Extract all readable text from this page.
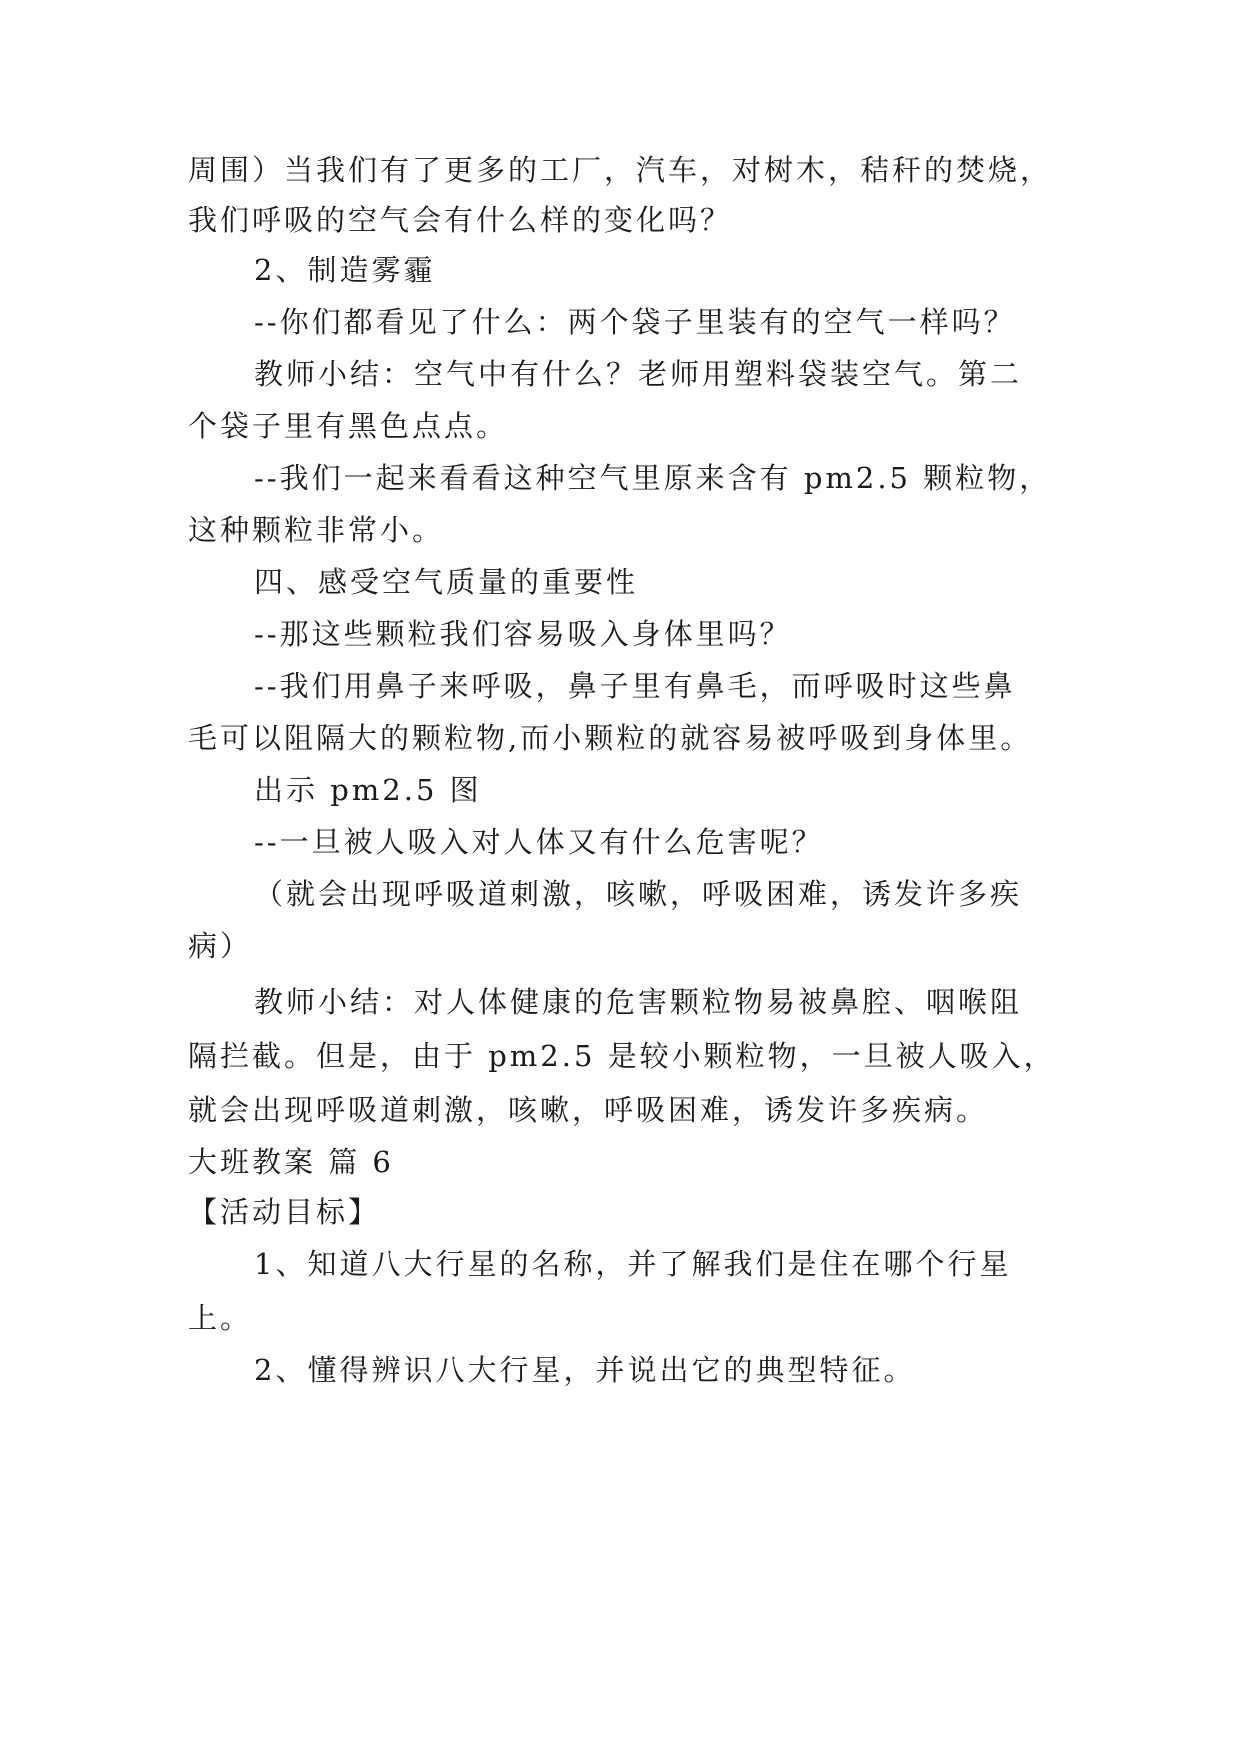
周围）当我们有了更多的工厂，汽车，对树木，秸秆的焚烧，
我们呼吸的空气会有什么样的变化吗？
2、制造雾霾
--你们都看见了什么：两个袋子里装有的空气一样吗？
教师小结：空气中有什么？老师用塑料袋装空气。第二
个袋子里有黑色点点。
--我们一起来看看这种空气里原来含有 pm2.5 颗粒物，
这种颗粒非常小。
四、感受空气质量的重要性
--那这些颗粒我们容易吸入身体里吗？
--我们用鼻子来呼吸，鼻子里有鼻毛，而呼吸时这些鼻
毛可以阻隔大的颗粒物,而小颗粒的就容易被呼吸到身体里。
出示 pm2.5 图
--一旦被人吸入对人体又有什么危害呢？
（就会出现呼吸道刺激，咳嗽，呼吸困难，诱发许多疾
病）
教师小结：对人体健康的危害颗粒物易被鼻腔、咽喉阻
隔拦截。但是，由于 pm2.5 是较小颗粒物，一旦被人吸入，
就会出现呼吸道刺激，咳嗽，呼吸困难，诱发许多疾病。
大班教案 篇 6
【活动目标】
1、知道八大行星的名称，并了解我们是住在哪个行星
上。
2、懂得辨识八大行星，并说出它的典型特征。
